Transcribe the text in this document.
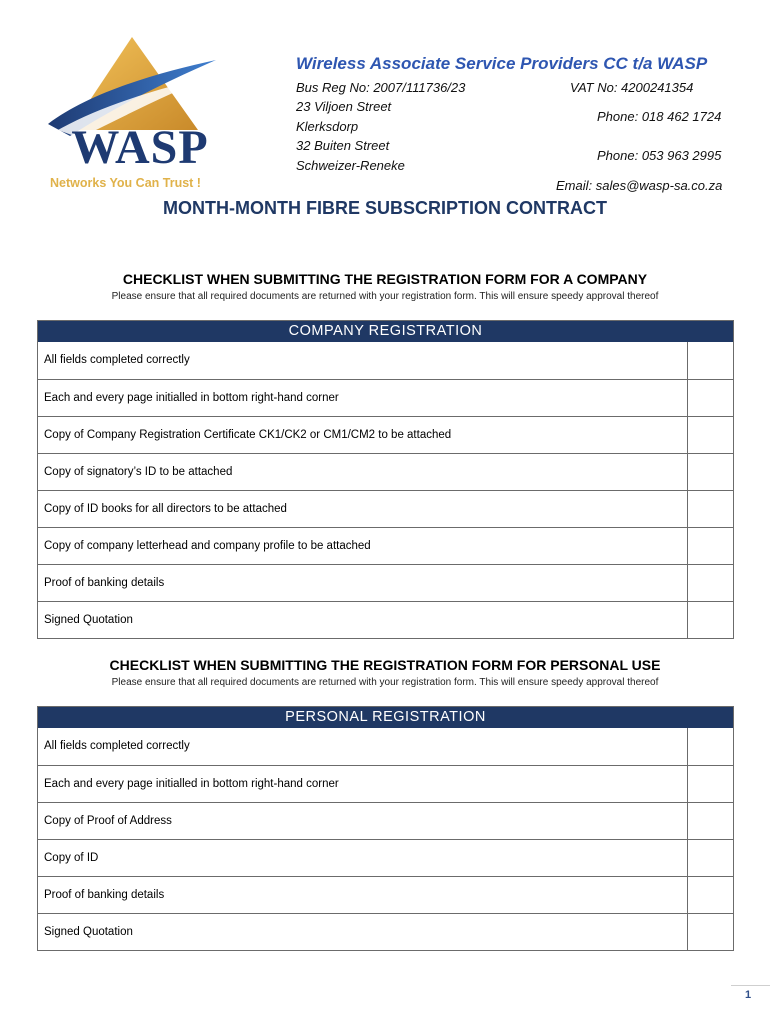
WASP
Networks You Can Trust !
Wireless Associate Service Providers CC t/a WASP
Bus Reg No: 2007/111736/23	VAT No: 4200241354
23 Viljoen Street
Klerksdorp
Phone: 018 462 1724
32 Buiten Street
Schweizer-Reneke
Phone: 053 963 2995
Email: sales@wasp-sa.co.za
MONTH-MONTH FIBRE SUBSCRIPTION CONTRACT
CHECKLIST WHEN SUBMITTING THE REGISTRATION FORM FOR A COMPANY
Please ensure that all required documents are returned with your registration form. This will ensure speedy approval thereof
COMPANY REGISTRATION
All fields completed correctly
Each and every page initialled in bottom right-hand corner
Copy of Company Registration Certificate CK1/CK2 or CM1/CM2 to be attached
Copy of signatory’s ID to be attached
Copy of ID books for all directors to be attached
Copy of company letterhead and company profile to be attached
Proof of banking details
Signed Quotation
CHECKLIST WHEN SUBMITTING THE REGISTRATION FORM FOR PERSONAL USE
Please ensure that all required documents are returned with your registration form. This will ensure speedy approval thereof
PERSONAL REGISTRATION
All fields completed correctly
Each and every page initialled in bottom right-hand corner
Copy of Proof of Address
Copy of ID
Proof of banking details
Signed Quotation
1
